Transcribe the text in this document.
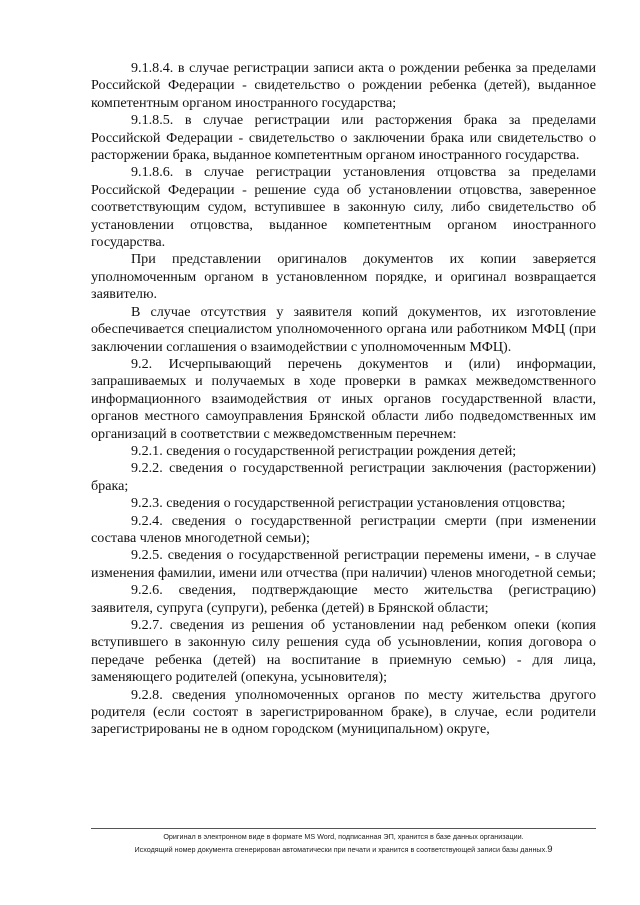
9.1.8.4. в случае регистрации записи акта о рождении ребенка за пределами Российской Федерации - свидетельство о рождении ребенка (детей), выданное компетентным органом иностранного государства;

9.1.8.5. в случае регистрации или расторжения брака за пределами Российской Федерации - свидетельство о заключении брака или свидетельство о расторжении брака, выданное компетентным органом иностранного государства.

9.1.8.6. в случае регистрации установления отцовства за пределами Российской Федерации - решение суда об установлении отцовства, заверенное соответствующим судом, вступившее в законную силу, либо свидетельство об установлении отцовства, выданное компетентным органом иностранного государства.

При представлении оригиналов документов их копии заверяется уполномоченным органом в установленном порядке, и оригинал возвращается заявителю.

В случае отсутствия у заявителя копий документов, их изготовление обеспечивается специалистом уполномоченного органа или работником МФЦ (при заключении соглашения о взаимодействии с уполномоченным МФЦ).

9.2. Исчерпывающий перечень документов и (или) информации, запрашиваемых и получаемых в ходе проверки в рамках межведомственного информационного взаимодействия от иных органов государственной власти, органов местного самоуправления Брянской области либо подведомственных им организаций в соответствии с межведомственным перечнем:

9.2.1. сведения о государственной регистрации рождения детей;

9.2.2. сведения о государственной регистрации заключения (расторжении) брака;

9.2.3. сведения о государственной регистрации установления отцовства;

9.2.4. сведения о государственной регистрации смерти (при изменении состава членов многодетной семьи);

9.2.5. сведения о государственной регистрации перемены имени, - в случае изменения фамилии, имени или отчества (при наличии) членов многодетной семьи;

9.2.6. сведения, подтверждающие место жительства (регистрацию) заявителя, супруга (супруги), ребенка (детей) в Брянской области;

9.2.7. сведения из решения об установлении над ребенком опеки (копия вступившего в законную силу решения суда об усыновлении, копия договора о передаче ребенка (детей) на воспитание в приемную семью) - для лица, заменяющего родителей (опекуна, усыновителя);

9.2.8. сведения уполномоченных органов по месту жительства другого родителя (если состоят в зарегистрированном браке), в случае, если родители зарегистрированы не в одном городском (муниципальном) округе,

Оригинал в электронном виде в формате MS Word, подписанная ЭП, хранится в базе данных организации.
Исходящий номер документа сгенерирован автоматически при печати и хранится в соответствующей записи базы данных.9
